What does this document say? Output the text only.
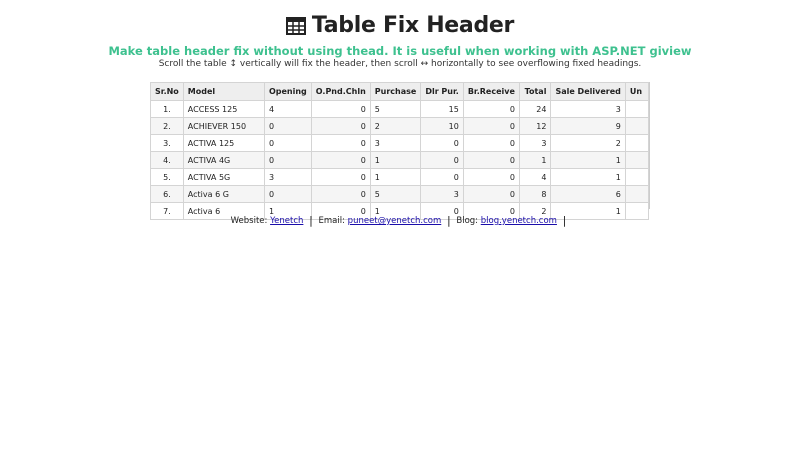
Table Fix Header
Make table header fix without using thead. It is useful when working with ASP.NET giview
Scroll the table ↕ vertically will fix the header, then scroll ↔ horizontally to see overflowing fixed headings.
Sr.No	Model	Opening	O.Pnd.Chln	Purchase	Dlr Pur.	Br.Receive	Total	Sale Delivered	Un
1.	ACCESS 125	4	0	5	15	0	24	3	
2.	ACHIEVER 150	0	0	2	10	0	12	9	
3.	ACTIVA 125	0	0	3	0	0	3	2	
4.	ACTIVA 4G	0	0	1	0	0	1	1	
5.	ACTIVA 5G	3	0	1	0	0	4	1	
6.	Activa 6 G	0	0	5	3	0	8	6	
7.	Activa 6	1	0	1	0	0	2	1	
Website: Yenetch | Email: puneet@yenetch.com | Blog: blog.yenetch.com |
